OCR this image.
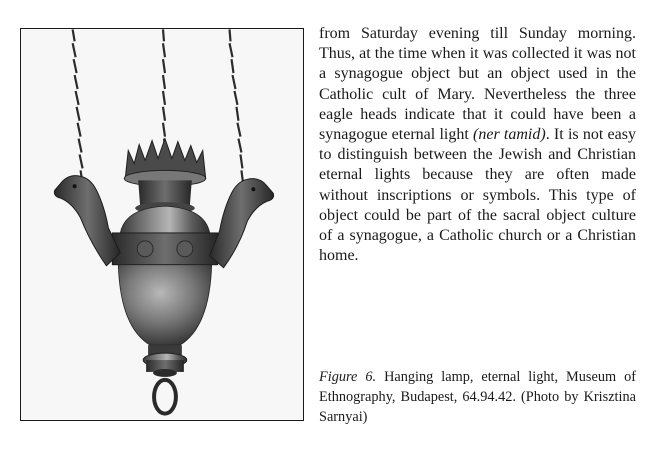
from Saturday evening till Sunday morning. Thus, at the time when it was collected it was not a synagogue object but an object used in the Catholic cult of Mary. Nevertheless the three eagle heads indicate that it could have been a synagogue eternal light (ner tamid). It is not easy to distinguish between the Jewish and Christian eternal lights because they are often made without inscriptions or symbols. This type of object could be part of the sacral object culture of a synagogue, a Catholic church or a Christian home.

Figure 6. Hanging lamp, eternal light, Museum of Ethnography, Budapest, 64.94.42. (Photo by Krisztina Sarnyai)
